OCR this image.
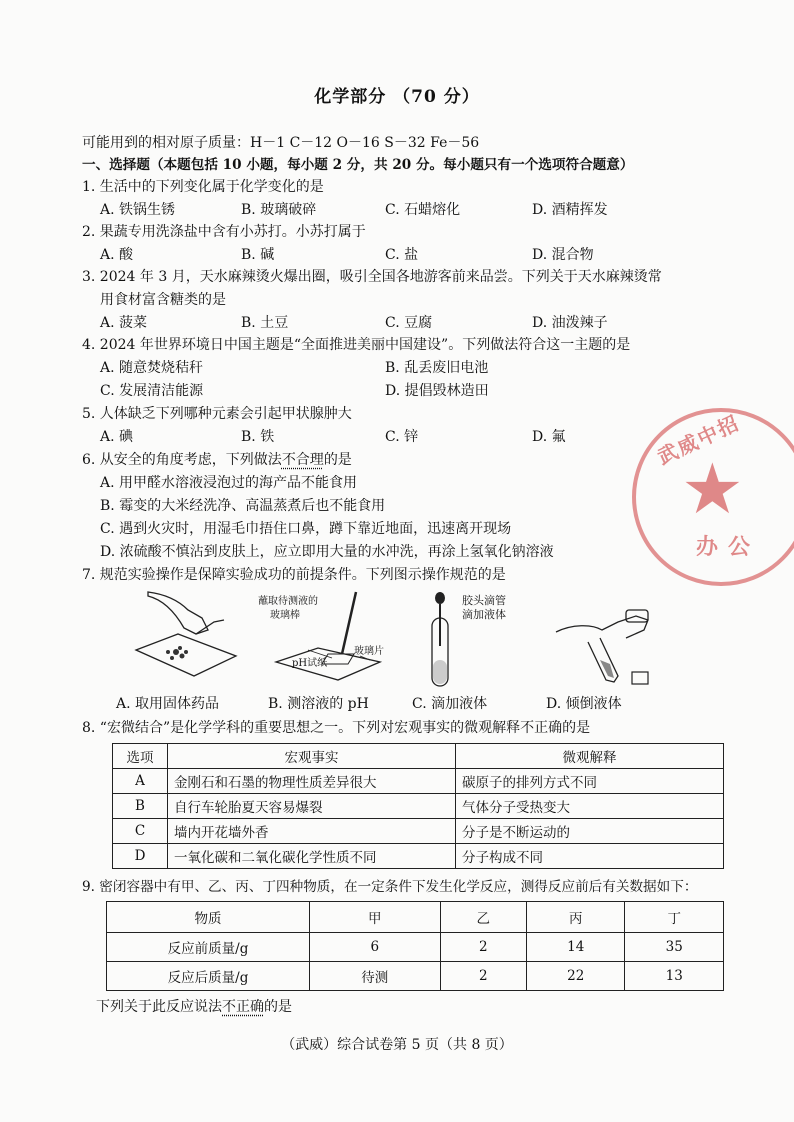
武威中招
★
办公
化学部分 （70 分）
可能用到的相对原子质量：H－1 C－12 O－16 S－32 Fe－56
一、选择题（本题包括 10 小题，每小题 2 分，共 20 分。每小题只有一个选项符合题意）
1. 生活中的下列变化属于化学变化的是
A. 铁锅生锈	B. 玻璃破碎	C. 石蜡熔化	D. 酒精挥发
2. 果蔬专用洗涤盐中含有小苏打。小苏打属于
A. 酸	B. 碱	C. 盐	D. 混合物
3. 2024 年 3 月，天水麻辣烫火爆出圈，吸引全国各地游客前来品尝。下列关于天水麻辣烫常
用食材富含糖类的是
A. 菠菜	B. 土豆	C. 豆腐	D. 油泼辣子
4. 2024 年世界环境日中国主题是“全面推进美丽中国建设”。下列做法符合这一主题的是
A. 随意焚烧秸秆	B. 乱丢废旧电池
C. 发展清洁能源	D. 提倡毁林造田
5. 人体缺乏下列哪种元素会引起甲状腺肿大
A. 碘	B. 铁	C. 锌	D. 氟
6. 从安全的角度考虑，下列做法不合理的是
A. 用甲醛水溶液浸泡过的海产品不能食用
B. 霉变的大米经洗净、高温蒸煮后也不能食用
C. 遇到火灾时，用湿毛巾捂住口鼻，蹲下靠近地面，迅速离开现场
D. 浓硫酸不慎沾到皮肤上，应立即用大量的水冲洗，再涂上氢氧化钠溶液
7. 规范实验操作是保障实验成功的前提条件。下列图示操作规范的是
蘸取待测液的
玻璃棒
pH试纸
玻璃片
胶头滴管
滴加液体
A. 取用固体药品	B. 测溶液的 pH	C. 滴加液体	D. 倾倒液体
8. “宏微结合”是化学学科的重要思想之一。下列对宏观事实的微观解释不正确的是
选项	宏观事实	微观解释
A	金刚石和石墨的物理性质差异很大	碳原子的排列方式不同
B	自行车轮胎夏天容易爆裂	气体分子受热变大
C	墙内开花墙外香	分子是不断运动的
D	一氧化碳和二氧化碳化学性质不同	分子构成不同
9. 密闭容器中有甲、乙、丙、丁四种物质，在一定条件下发生化学反应，测得反应前后有关数据如下：
物质	甲	乙	丙	丁
反应前质量/g	6	2	14	35
反应后质量/g	待测	2	22	13
下列关于此反应说法不正确的是
（武威）综合试卷第 5 页（共 8 页）
